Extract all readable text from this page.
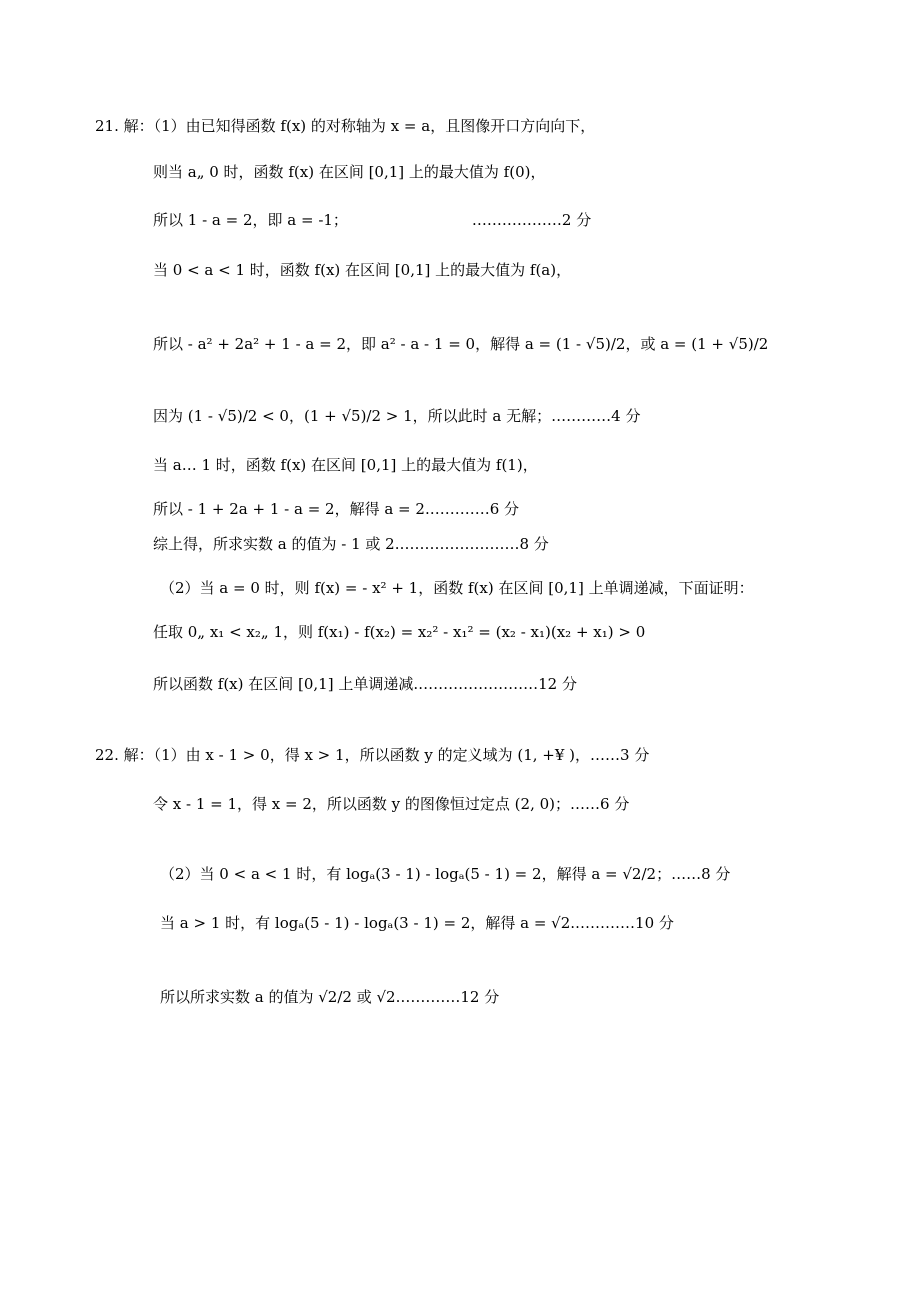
21. 解：（1）由已知得函数 f(x) 的对称轴为 x = a，且图像开口方向向下，
则当 a„ 0 时，函数 f(x) 在区间 [0,1] 上的最大值为 f(0)，
所以 1 - a = 2，即 a = -1；                          ………………2 分
当 0 < a < 1 时，函数 f(x) 在区间 [0,1] 上的最大值为 f(a)，
所以 - a² + 2a² + 1 - a = 2，即 a² - a - 1 = 0，解得 a = (1 - √5)/2，或 a = (1 + √5)/2
因为 (1 - √5)/2 < 0，(1 + √5)/2 > 1，所以此时 a 无解；…………4 分
当 a… 1 时，函数 f(x) 在区间 [0,1] 上的最大值为 f(1)，
所以 - 1 + 2a + 1 - a = 2，解得 a = 2.…………6 分
综上得，所求实数 a 的值为 - 1 或 2.……………………8 分
（2）当 a = 0 时，则 f(x) = - x² + 1，函数 f(x) 在区间 [0,1] 上单调递减，下面证明：
任取 0„ x₁ < x₂„ 1，则 f(x₁) - f(x₂) = x₂² - x₁² = (x₂ - x₁)(x₂ + x₁) > 0
所以函数 f(x) 在区间 [0,1] 上单调递减.……………………12 分
22. 解：（1）由 x - 1 > 0，得 x > 1，所以函数 y 的定义域为 (1, +¥ )，……3 分
令 x - 1 = 1，得 x = 2，所以函数 y 的图像恒过定点 (2, 0)；……6 分
（2）当 0 < a < 1 时，有 logₐ(3 - 1) - logₐ(5 - 1) = 2，解得 a = √2/2；……8 分
当 a > 1 时，有 logₐ(5 - 1) - logₐ(3 - 1) = 2，解得 a = √2.…………10 分
所以所求实数 a 的值为 √2/2 或 √2.…………12 分
